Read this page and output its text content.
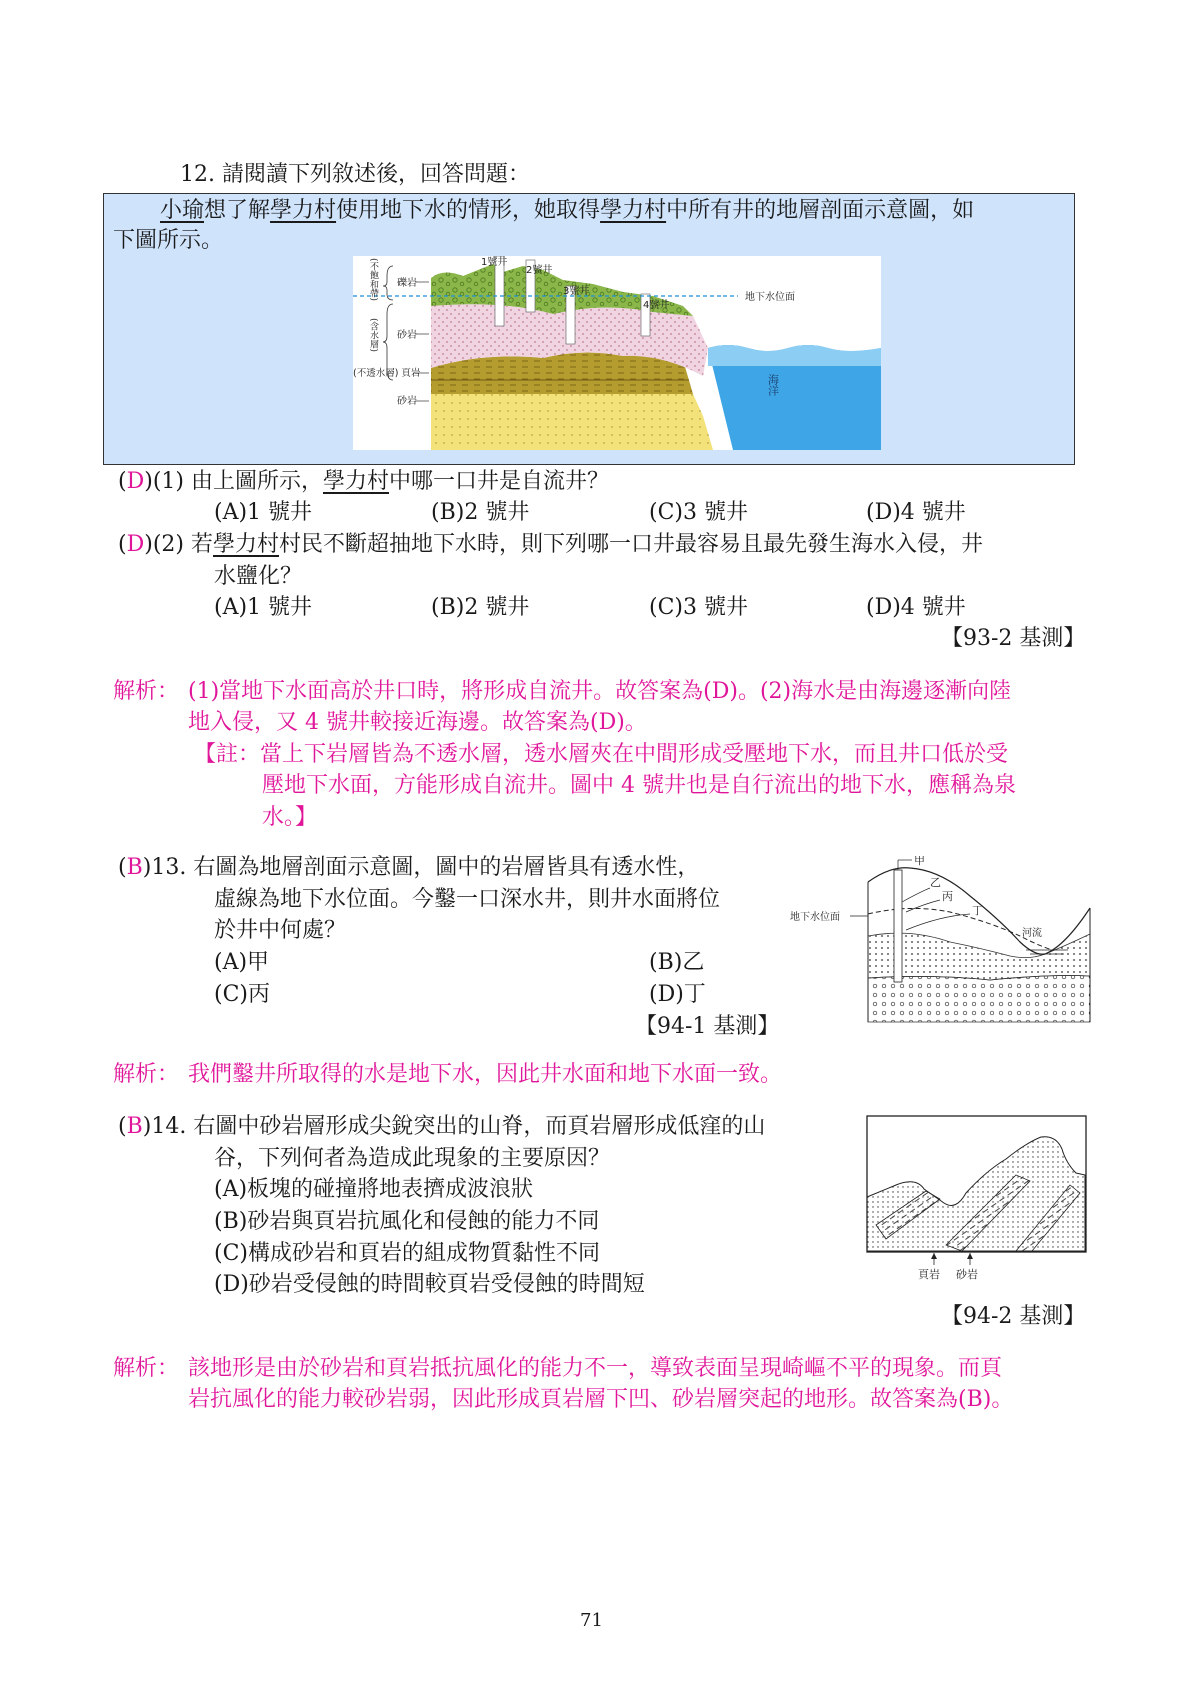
12. 請閱讀下列敘述後，回答問題：
小瑜想了解學力村使用地下水的情形，她取得學力村中所有井的地層剖面示意圖，如
下圖所示。
(不飽和帶)
(含水層)
礫岩
砂岩
(不透水層) 頁岩
砂岩
1號井
2號井
3號井
4號井
地下水位面
海洋
(D)(1) 由上圖所示，學力村中哪一口井是自流井？
(A)1 號井	(B)2 號井	(C)3 號井	(D)4 號井
(D)(2) 若學力村村民不斷超抽地下水時，則下列哪一口井最容易且最先發生海水入侵，井
水鹽化？
(A)1 號井	(B)2 號井	(C)3 號井	(D)4 號井
【93-2 基測】
解析： (1)當地下水面高於井口時，將形成自流井。故答案為(D)。(2)海水是由海邊逐漸向陸
地入侵，又 4 號井較接近海邊。故答案為(D)。
【註：當上下岩層皆為不透水層，透水層夾在中間形成受壓地下水，而且井口低於受
壓地下水面，方能形成自流井。圖中 4 號井也是自行流出的地下水，應稱為泉
水。】
(B)13. 右圖為地層剖面示意圖，圖中的岩層皆具有透水性，
虛線為地下水位面。今鑿一口深水井，則井水面將位
於井中何處？
(A)甲	(B)乙
(C)丙	(D)丁
【94-1 基測】
甲
乙
丙
丁
河流
地下水位面
解析： 我們鑿井所取得的水是地下水，因此井水面和地下水面一致。
(B)14. 右圖中砂岩層形成尖銳突出的山脊，而頁岩層形成低窪的山
谷，下列何者為造成此現象的主要原因？
(A)板塊的碰撞將地表擠成波浪狀
(B)砂岩與頁岩抗風化和侵蝕的能力不同
(C)構成砂岩和頁岩的組成物質黏性不同
(D)砂岩受侵蝕的時間較頁岩受侵蝕的時間短
【94-2 基測】
頁岩 砂岩
解析： 該地形是由於砂岩和頁岩抵抗風化的能力不一，導致表面呈現崎嶇不平的現象。而頁
岩抗風化的能力較砂岩弱，因此形成頁岩層下凹、砂岩層突起的地形。故答案為(B)。
71
